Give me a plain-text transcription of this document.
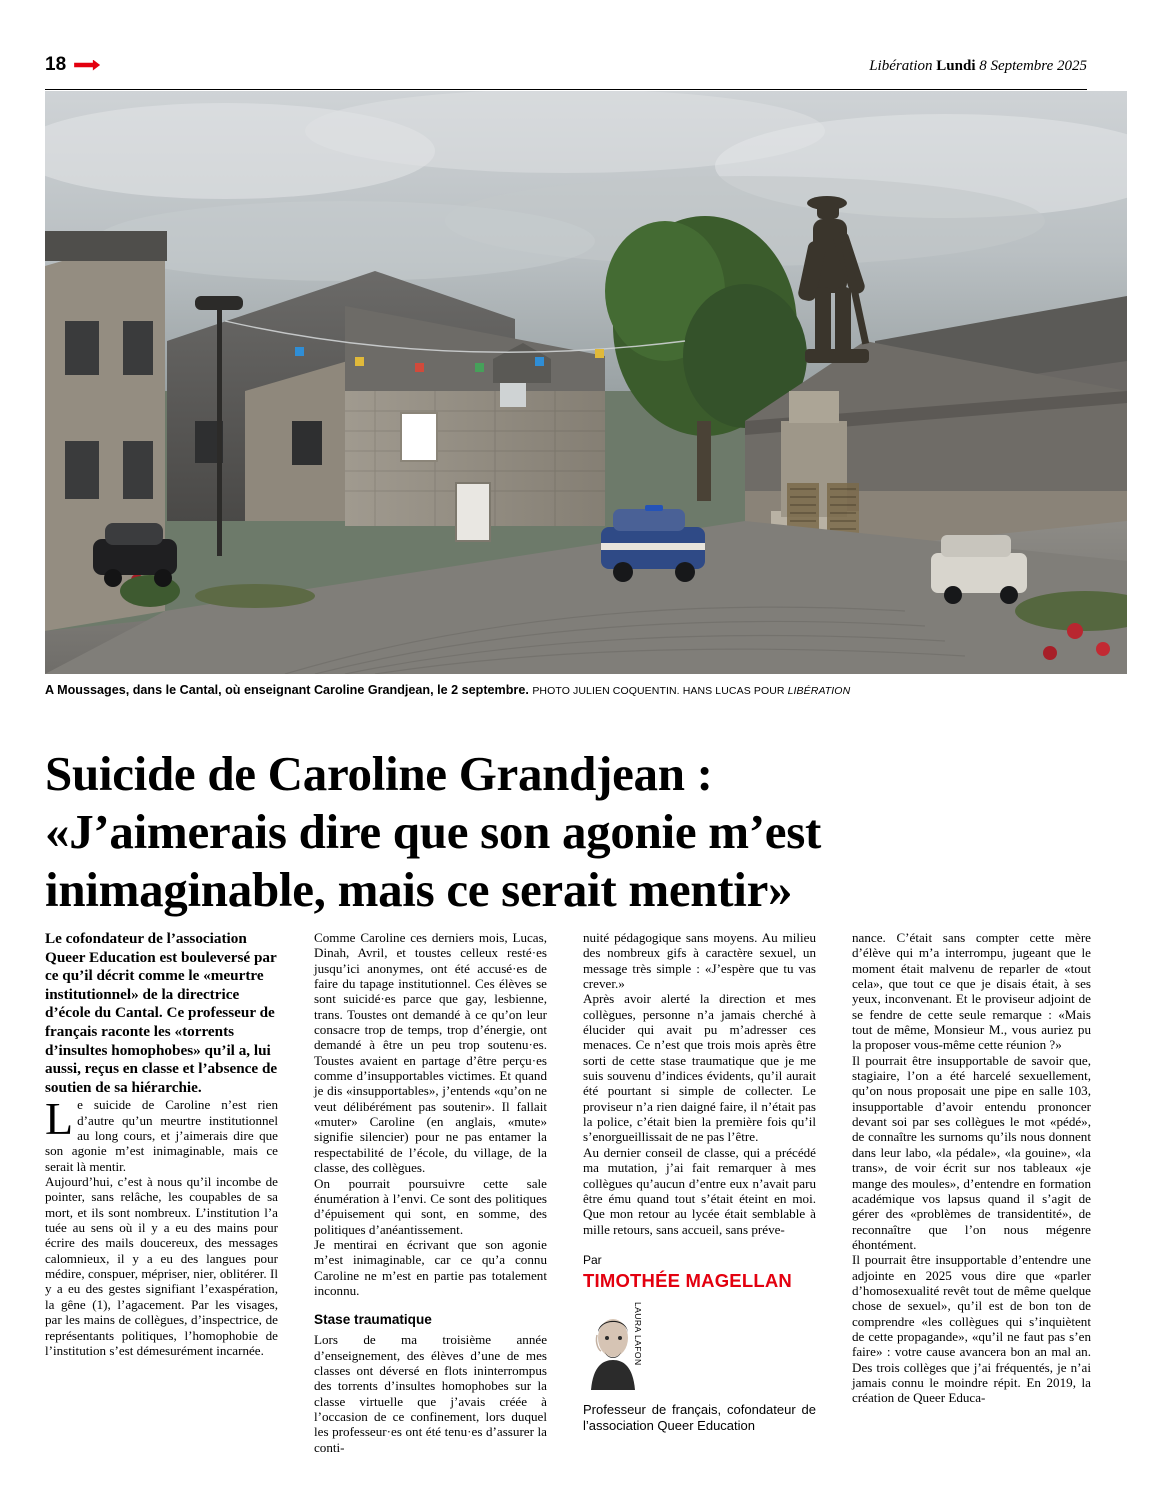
18	Libération Lundi 8 Septembre 2025
A Moussages, dans le Cantal, où enseignant Caroline Grandjean, le 2 septembre. PHOTO JULIEN COQUENTIN. HANS LUCAS POUR LIBÉRATION
Suicide de Caroline Grandjean :
«J’aimerais dire que son agonie m’est
inimaginable, mais ce serait mentir»

Le cofondateur de l’association Queer Education est bouleversé par ce qu’il décrit comme le «meurtre institutionnel» de la directrice d’école du Cantal. Ce professeur de français raconte les «torrents d’insultes homophobes» qu’il a, lui aussi, reçus en classe et l’absence de soutien de sa hiérarchie.

Le suicide de Caroline n’est rien d’autre qu’un meurtre institutionnel au long cours, et j’aimerais dire que son agonie m’est inimaginable, mais ce serait là mentir.

Aujourd’hui, c’est à nous qu’il incombe de pointer, sans relâche, les coupables de sa mort, et ils sont nombreux. L’institution l’a tuée au sens où il y a eu des mains pour écrire des mails doucereux, des messages calomnieux, il y a eu des langues pour médire, conspuer, mépriser, nier, oblitérer. Il y a eu des gestes signifiant l’exaspération, la gêne (1), l’agacement. Par les visages, par les mains de collègues, d’inspectrice, de représentants politiques, l’homophobie de l’institution s’est démesurément incarnée.

Comme Caroline ces derniers mois, Lucas, Dinah, Avril, et toustes celleux resté·es jusqu’ici anonymes, ont été accusé·es de faire du tapage institutionnel. Ces élèves se sont suicidé·es parce que gay, lesbienne, trans. Toustes ont demandé à ce qu’on leur consacre trop de temps, trop d’énergie, ont demandé à être un peu trop soutenu·es. Toustes avaient en partage d’être perçu·es comme d’insupportables victimes. Et quand je dis «insupportables», j’entends «qu’on ne veut délibérément pas soutenir». Il fallait «muter» Caroline (en anglais, «mute» signifie silencier) pour ne pas entamer la respectabilité de l’école, du village, de la classe, des collègues.

On pourrait poursuivre cette sale énumération à l’envi. Ce sont des politiques d’épuisement qui sont, en somme, des politiques d’anéantissement.

Je mentirai en écrivant que son agonie m’est inimaginable, car ce qu’a connu Caroline ne m’est en partie pas totalement inconnu.

Stase traumatique

Lors de ma troisième année d’enseignement, des élèves d’une de mes classes ont déversé en flots ininterrompus des torrents d’insultes homophobes sur la classe virtuelle que j’avais créée à l’occasion de ce confinement, lors duquel les professeur·es ont été tenu·es d’assurer la conti-

nuité pédagogique sans moyens. Au milieu des nombreux gifs à caractère sexuel, un message très simple : «J’espère que tu vas crever.»

Après avoir alerté la direction et mes collègues, personne n’a jamais cherché à élucider qui avait pu m’adresser ces menaces. Ce n’est que trois mois après être sorti de cette stase traumatique que je me suis souvenu d’indices évidents, qu’il aurait été pourtant si simple de collecter. Le proviseur n’a rien daigné faire, il n’était pas la police, c’était bien la première fois qu’il s’enorgueillissait de ne pas l’être.

Au dernier conseil de classe, qui a précédé ma mutation, j’ai fait remarquer à mes collègues qu’aucun d’entre eux n’avait paru être ému quand tout s’était éteint en moi. Que mon retour au lycée était semblable à mille retours, sans accueil, sans préve-

Par
TIMOTHÉE MAGELLAN
LAURA LAFON
Professeur de français, cofondateur de l’association Queer Education

nance. C’était sans compter cette mère d’élève qui m’a interrompu, jugeant que le moment était malvenu de reparler de «tout cela», que tout ce que je disais était, à ses yeux, inconvenant. Et le proviseur adjoint de se fendre de cette seule remarque : «Mais tout de même, Monsieur M., vous auriez pu la proposer vous-même cette réunion ?»

Il pourrait être insupportable de savoir que, stagiaire, l’on a été harcelé sexuellement, qu’on nous proposait une pipe en salle 103, insupportable d’avoir entendu prononcer devant soi par ses collègues le mot «pédé», de connaître les surnoms qu’ils nous donnent dans leur labo, «la pédale», «la gouine», «la trans», de voir écrit sur nos tableaux «je mange des moules», d’entendre en formation académique vos lapsus quand il s’agit de gérer des «problèmes de transidentité», de reconnaître que l’on nous mégenre éhontément.

Il pourrait être insupportable d’entendre une adjointe en 2025 vous dire que «parler d’homosexualité revêt tout de même quelque chose de sexuel», qu’il est de bon ton de comprendre «les collègues qui s’inquiètent de cette propagande», «qu’il ne faut pas s’en faire» : votre cause avancera bon an mal an. Des trois collèges que j’ai fréquentés, je n’ai jamais connu le moindre répit. En 2019, la création de Queer Educa-
